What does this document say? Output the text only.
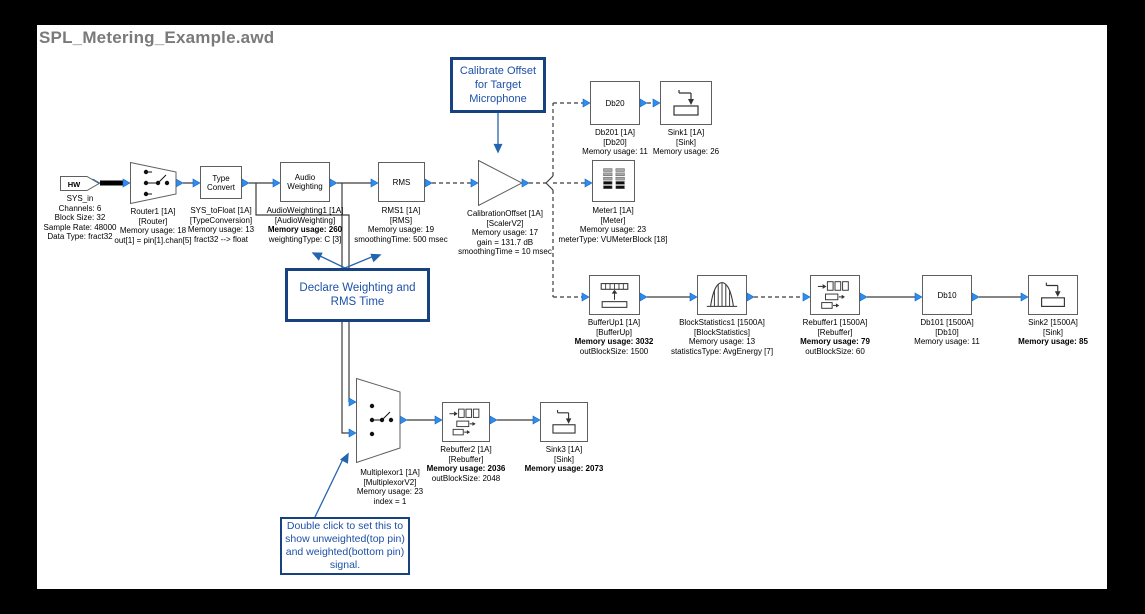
SPL_Metering_Example.awd
HW
SYS_in
Channels: 6
Block Size: 32
Sample Rate: 48000
Data Type: fract32
Router1 [1A]
[Router]
Memory usage: 18
out[1] = pin[1].chan[5]
Type Convert
SYS_toFloat [1A]
[TypeConversion]
Memory usage: 13
fract32 --> float
Audio Weighting
AudioWeighting1 [1A]
[AudioWeighting]
Memory usage: 260
weightingType: C [3]
RMS
RMS1 [1A]
[RMS]
Memory usage: 19
smoothingTime: 500 msec
CalibrationOffset [1A]
[ScalerV2]
Memory usage: 17
gain = 131.7 dB
smoothingTime = 10 msec
Db20
Db201 [1A]
[Db20]
Memory usage: 11
Sink1 [1A]
[Sink]
Memory usage: 26
Meter1 [1A]
[Meter]
Memory usage: 23
meterType: VUMeterBlock [18]
BufferUp1 [1A]
[BufferUp]
Memory usage: 3032
outBlockSize: 1500
BlockStatistics1 [1500A]
[BlockStatistics]
Memory usage: 13
statisticsType: AvgEnergy [7]
Rebuffer1 [1500A]
[Rebuffer]
Memory usage: 79
outBlockSize: 60
Db10
Db101 [1500A]
[Db10]
Memory usage: 11
Sink2 [1500A]
[Sink]
Memory usage: 85
Multiplexor1 [1A]
[MultiplexorV2]
Memory usage: 23
index = 1
Rebuffer2 [1A]
[Rebuffer]
Memory usage: 2036
outBlockSize: 2048
Sink3 [1A]
[Sink]
Memory usage: 2073
Calibrate Offset
for Target
Microphone
Declare Weighting and
RMS Time
Double click to set this to
show unweighted(top pin)
and weighted(bottom pin)
signal.
